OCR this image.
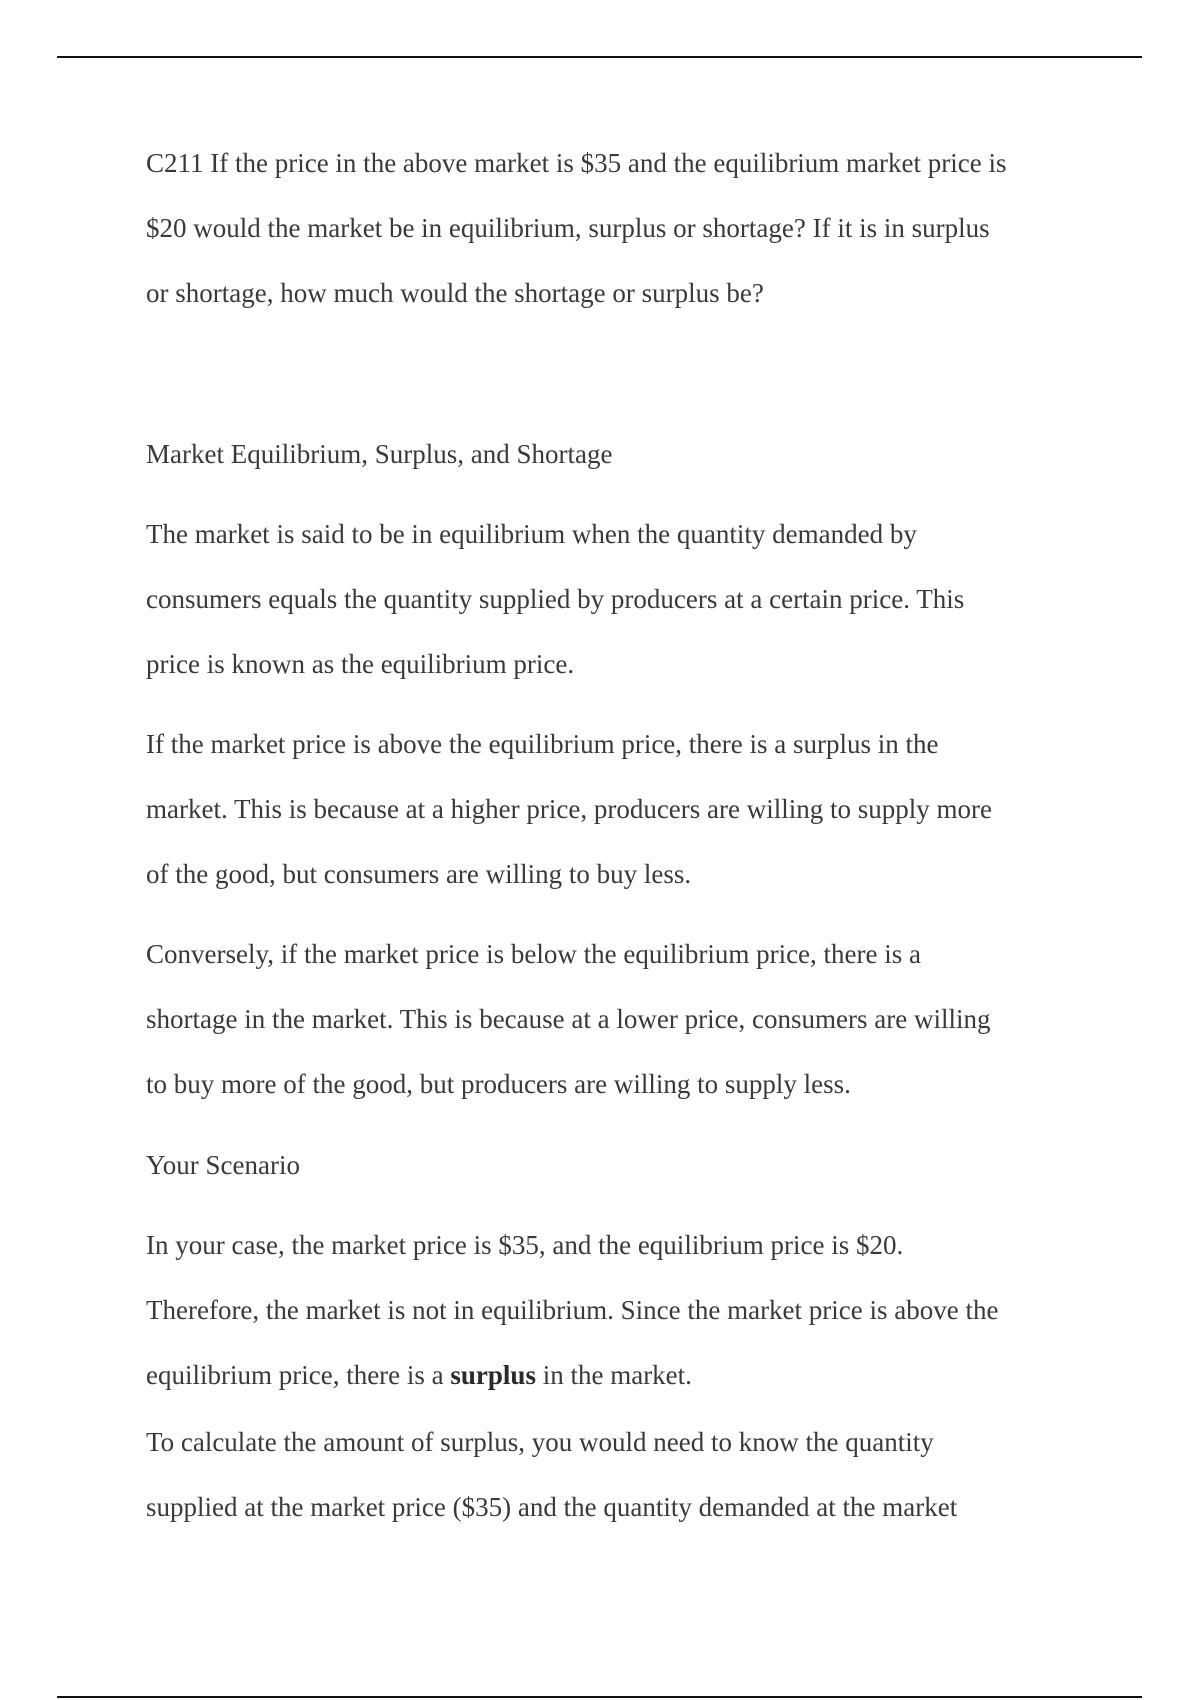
C211 If the price in the above market is $35 and the equilibrium market price is
$20 would the market be in equilibrium, surplus or shortage? If it is in surplus
or shortage, how much would the shortage or surplus be?
Market Equilibrium, Surplus, and Shortage
The market is said to be in equilibrium when the quantity demanded by
consumers equals the quantity supplied by producers at a certain price. This
price is known as the equilibrium price.
If the market price is above the equilibrium price, there is a surplus in the
market. This is because at a higher price, producers are willing to supply more
of the good, but consumers are willing to buy less.
Conversely, if the market price is below the equilibrium price, there is a
shortage in the market. This is because at a lower price, consumers are willing
to buy more of the good, but producers are willing to supply less.
Your Scenario
In your case, the market price is $35, and the equilibrium price is $20.
Therefore, the market is not in equilibrium. Since the market price is above the
equilibrium price, there is a surplus in the market.
To calculate the amount of surplus, you would need to know the quantity
supplied at the market price ($35) and the quantity demanded at the market
